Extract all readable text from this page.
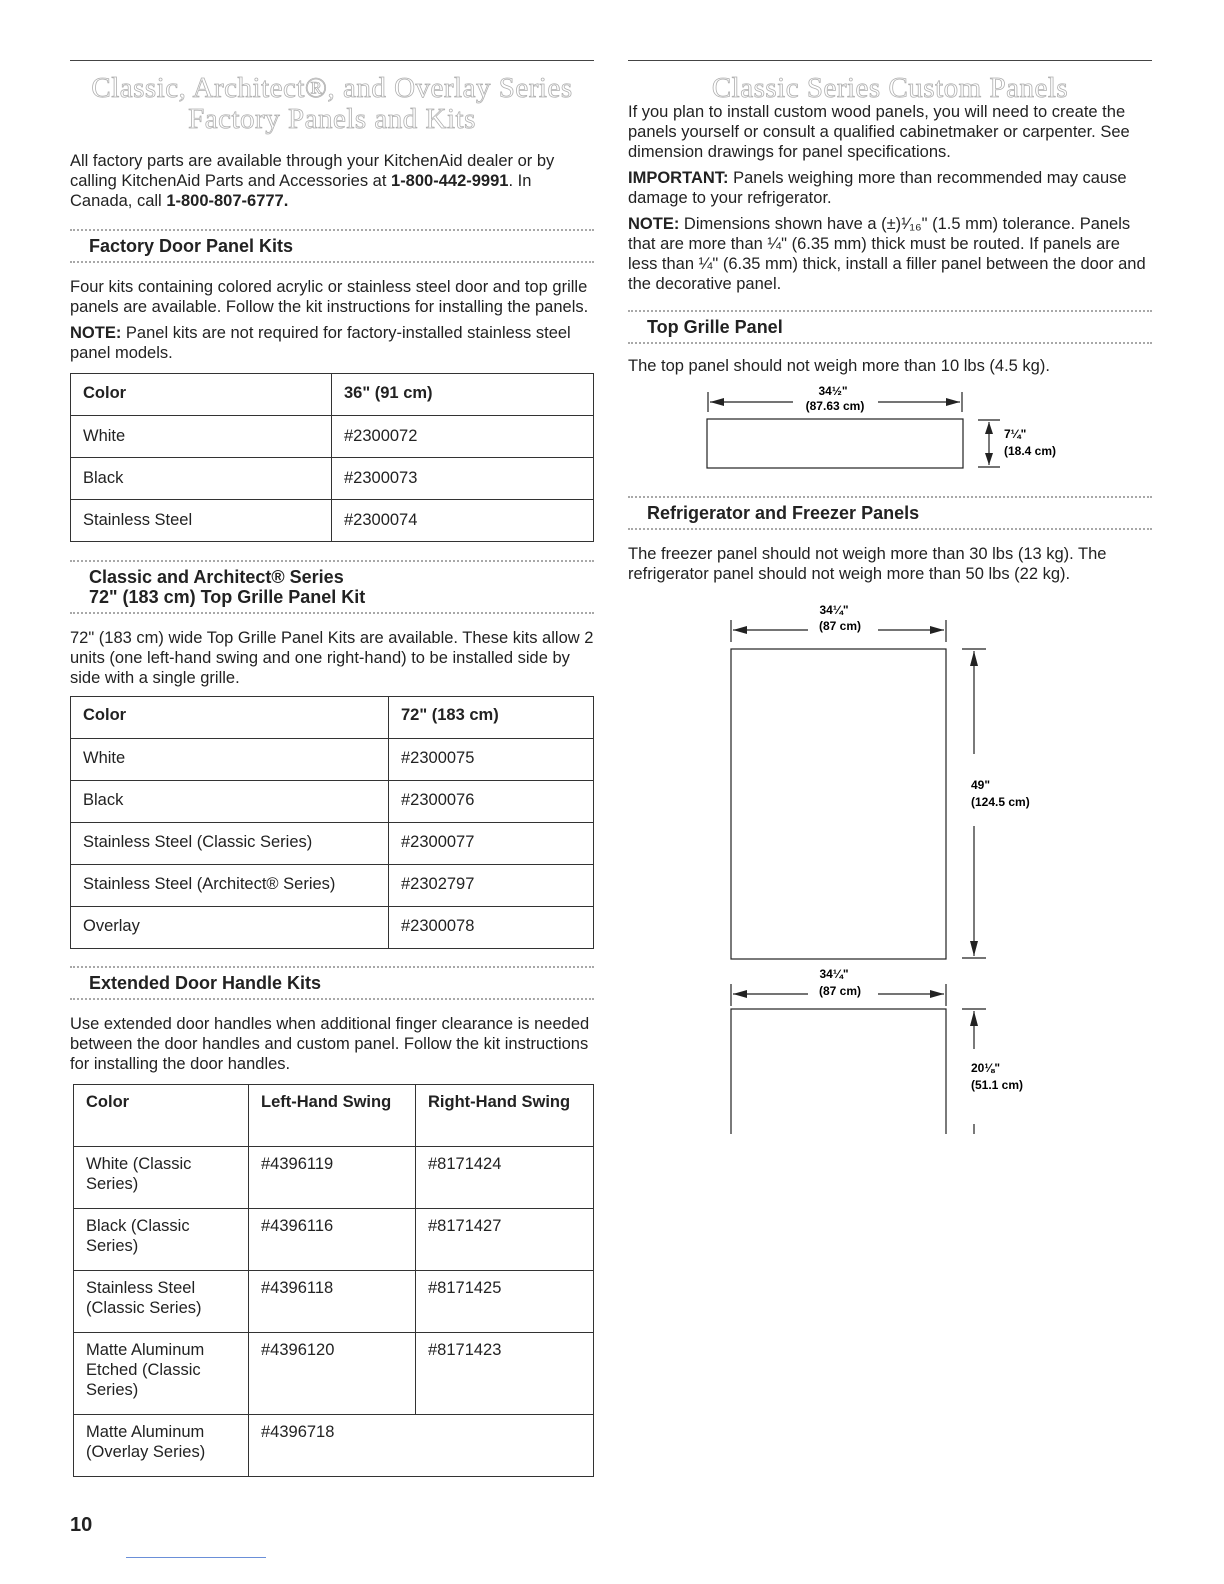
Classic, Architect®, and Overlay Series
Factory Panels and Kits

All factory parts are available through your KitchenAid dealer or by calling KitchenAid Parts and Accessories at 1-800-442-9991. In Canada, call 1-800-807-6777.

Factory Door Panel Kits

Four kits containing colored acrylic or stainless steel door and top grille panels are available. Follow the kit instructions for installing the panels.

NOTE: Panel kits are not required for factory-installed stainless steel panel models.

Color	36" (91 cm)
White	#2300072
Black	#2300073
Stainless Steel	#2300074
Classic and Architect® Series
72" (183 cm) Top Grille Panel Kit

72" (183 cm) wide Top Grille Panel Kits are available. These kits allow 2 units (one left-hand swing and one right-hand) to be installed side by side with a single grille.

Color	72" (183 cm)
White	#2300075
Black	#2300076
Stainless Steel (Classic Series)	#2300077
Stainless Steel (Architect® Series)	#2302797
Overlay	#2300078
Extended Door Handle Kits

Use extended door handles when additional finger clearance is needed between the door handles and custom panel. Follow the kit instructions for installing the door handles.

Color	Left-Hand Swing	Right-Hand Swing
White (Classic Series)	#4396119	#8171424
Black (Classic Series)	#4396116	#8171427
Stainless Steel (Classic Series)	#4396118	#8171425
Matte Aluminum Etched (Classic Series)	#4396120	#8171423
Matte Aluminum (Overlay Series)	#4396718	
Classic Series Custom Panels

If you plan to install custom wood panels, you will need to create the panels yourself or consult a qualified cabinetmaker or carpenter. See dimension drawings for panel specifications.

IMPORTANT: Panels weighing more than recommended may cause damage to your refrigerator.

NOTE: Dimensions shown have a (±)¹⁄₁₆" (1.5 mm) tolerance. Panels that are more than ¼" (6.35 mm) thick must be routed. If panels are less than ¼" (6.35 mm) thick, install a filler panel between the door and the decorative panel.

Top Grille Panel

The top panel should not weigh more than 10 lbs (4.5 kg).

34½"
(87.63 cm)
7¼"
(18.4 cm)
Refrigerator and Freezer Panels

The freezer panel should not weigh more than 30 lbs (13 kg). The refrigerator panel should not weigh more than 50 lbs (22 kg).

34¼"
(87 cm)
49"
(124.5 cm)
34¼"
(87 cm)
20⅛"
(51.1 cm)
10
